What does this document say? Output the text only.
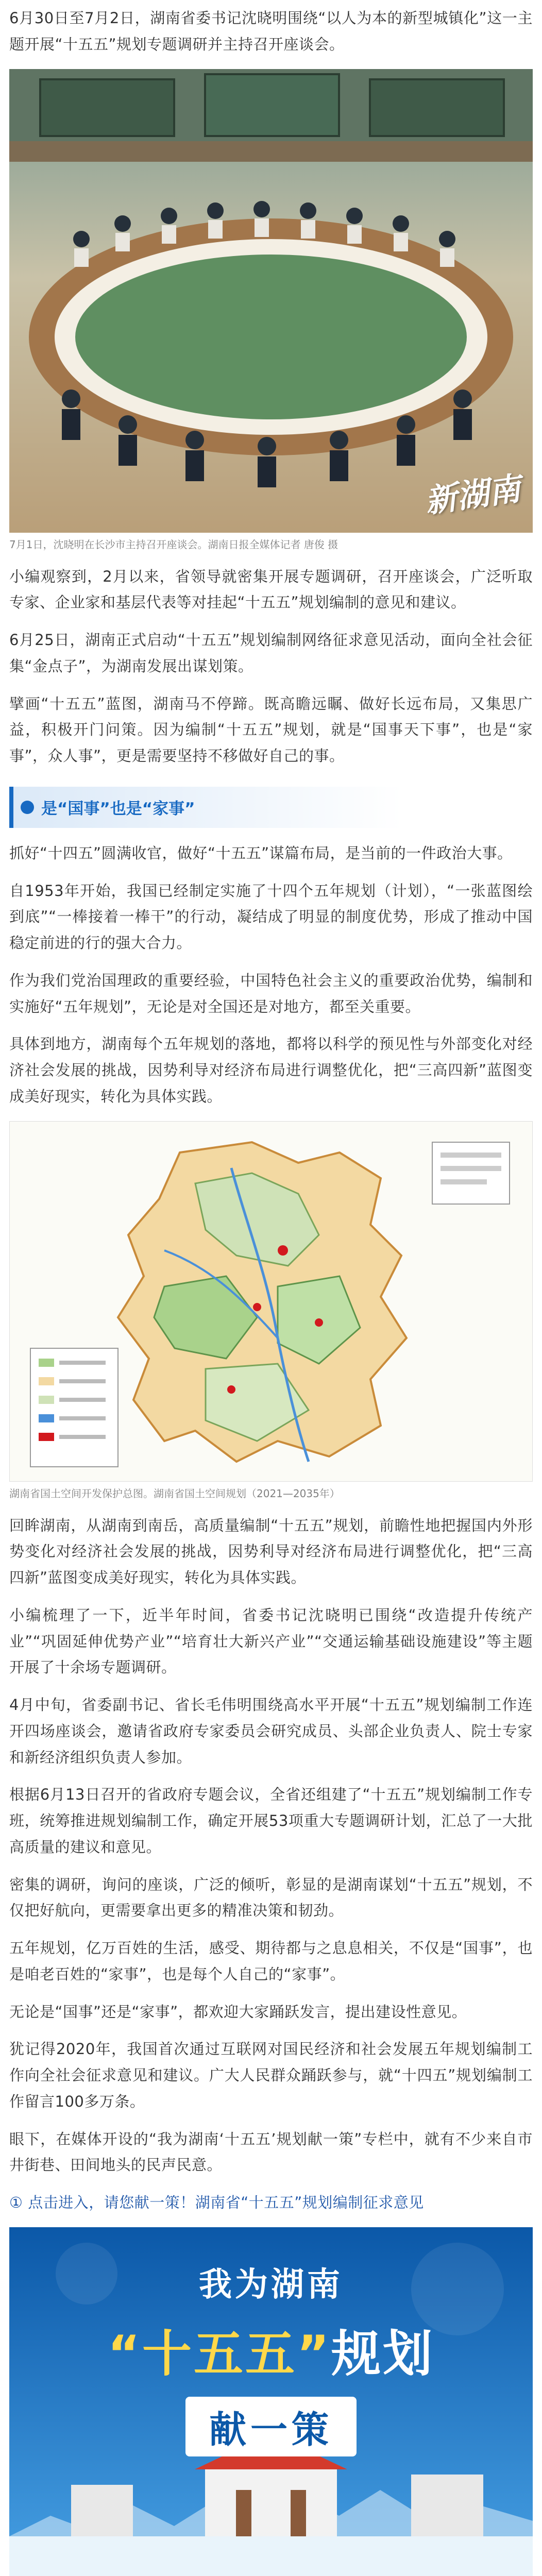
6月30日至7月2日，湖南省委书记沈晓明围绕“以人为本的新型城镇化”这一主题开展“十五五”规划专题调研并主持召开座谈会。

新湖南
7月1日，沈晓明在长沙市主持召开座谈会。湖南日报全媒体记者 唐俊 摄

小编观察到，2月以来，省领导就密集开展专题调研，召开座谈会，广泛听取专家、企业家和基层代表等对挂起“十五五”规划编制的意见和建议。

6月25日，湖南正式启动“十五五”规划编制网络征求意见活动，面向全社会征集“金点子”，为湖南发展出谋划策。

擘画“十五五”蓝图，湖南马不停蹄。既高瞻远瞩、做好长远布局，又集思广益，积极开门问策。因为编制“十五五”规划，就是“国事天下事”，也是“家事”，众人事”，更是需要坚持不移做好自己的事。

是“国事”也是“家事”

抓好“十四五”圆满收官，做好“十五五”谋篇布局，是当前的一件政治大事。

自1953年开始，我国已经制定实施了十四个五年规划（计划），“一张蓝图绘到底”“一棒接着一棒干”的行动，凝结成了明显的制度优势，形成了推动中国稳定前进的行的强大合力。

作为我们党治国理政的重要经验，中国特色社会主义的重要政治优势，编制和实施好“五年规划”，无论是对全国还是对地方，都至关重要。

具体到地方，湖南每个五年规划的落地，都将以科学的预见性与外部变化对经济社会发展的挑战，因势利导对经济布局进行调整优化，把“三高四新”蓝图变成美好现实，转化为具体实践。

湖南省国土空间开发保护总图。湖南省国土空间规划（2021—2035年）

回眸湖南，从湖南到南岳，高质量编制“十五五”规划，前瞻性地把握国内外形势变化对经济社会发展的挑战，因势利导对经济布局进行调整优化，把“三高四新”蓝图变成美好现实，转化为具体实践。

小编梳理了一下，近半年时间，省委书记沈晓明已围绕“改造提升传统产业”“巩固延伸优势产业”“培育壮大新兴产业”“交通运输基础设施建设”等主题开展了十余场专题调研。

4月中旬，省委副书记、省长毛伟明围绕高水平开展“十五五”规划编制工作连开四场座谈会，邀请省政府专家委员会研究成员、头部企业负责人、院士专家和新经济组织负责人参加。

根据6月13日召开的省政府专题会议，全省还组建了“十五五”规划编制工作专班，统筹推进规划编制工作，确定开展53项重大专题调研计划，汇总了一大批高质量的建议和意见。

密集的调研，询问的座谈，广泛的倾听，彰显的是湖南谋划“十五五”规划，不仅把好航向，更需要拿出更多的精准决策和韧劲。

五年规划，亿万百姓的生活，感受、期待都与之息息相关，不仅是“国事”，也是咱老百姓的“家事”，也是每个人自己的“家事”。

无论是“国事”还是“家事”，都欢迎大家踊跃发言，提出建设性意见。

犹记得2020年，我国首次通过互联网对国民经济和社会发展五年规划编制工作向全社会征求意见和建议。广大人民群众踊跃参与，就“十四五”规划编制工作留言100多万条。

眼下，在媒体开设的“我为湖南‘十五五’规划献一策”专栏中，就有不少来自市井街巷、田间地头的民声民意。

① 点击进入，请您献一策！湖南省“十五五”规划编制征求意见

我为湖南
“十五五”规划
献一策
